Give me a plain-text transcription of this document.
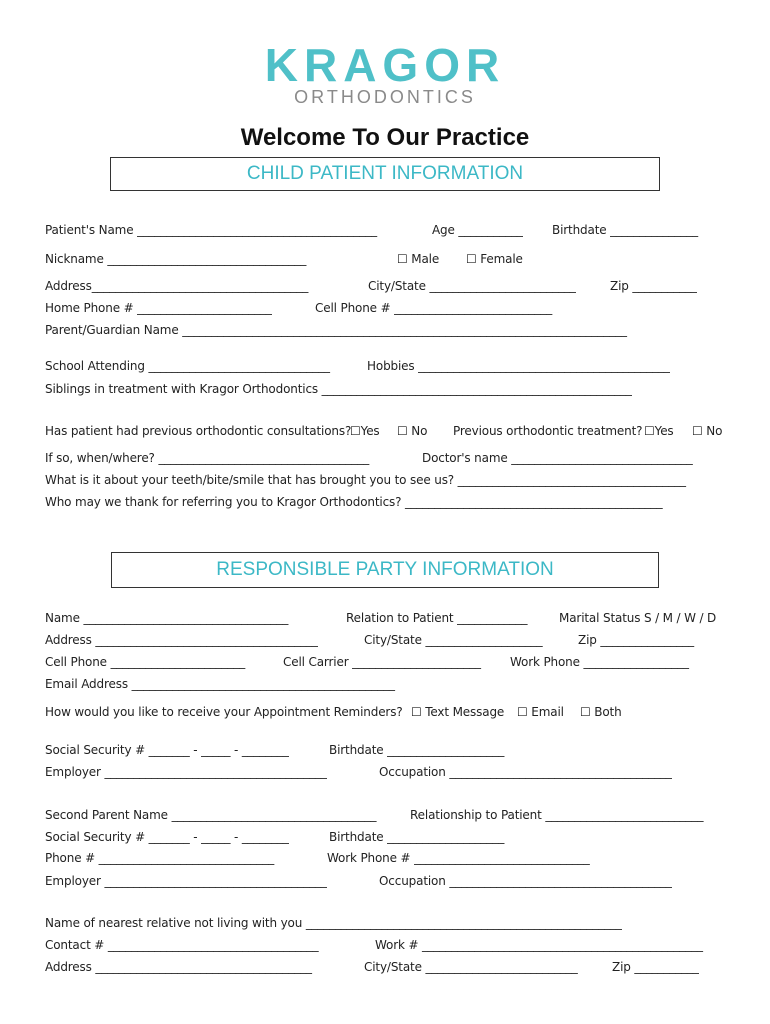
KRAGOR
ORTHODONTICS
Welcome To Our Practice
CHILD PATIENT INFORMATION
Patient's Name _________________________________________	Age ___________ Birthdate _______________
Nickname __________________________________	☐ Male ☐ Female
Address_____________________________________	City/State _________________________	Zip ___________
Home Phone # _______________________	Cell Phone # ___________________________
Parent/Guardian Name ____________________________________________________________________________
School Attending _______________________________	Hobbies ___________________________________________
Siblings in treatment with Kragor Orthodontics _____________________________________________________
Has patient had previous orthodontic consultations?
☐Yes ☐ No Previous orthodontic treatment? ☐Yes ☐ No
If so, when/where? ____________________________________	Doctor's name _______________________________
What is it about your teeth/bite/smile that has brought you to see us? _______________________________________
Who may we thank for referring you to Kragor Orthodontics? ____________________________________________
RESPONSIBLE PARTY INFORMATION
Name ___________________________________	Relation to Patient ____________	Marital Status S / M / W / D
Address ______________________________________	City/State ____________________	Zip ________________
Cell Phone _______________________	Cell Carrier ______________________ Work Phone __________________
Email Address _____________________________________________
How would you like to receive your Appointment Reminders? ☐ Text Message ☐ Email ☐ Both
Social Security # _______ - _____ - ________	Birthdate ____________________
Employer ______________________________________	Occupation ______________________________________
Second Parent Name ___________________________________	Relationship to Patient ___________________________
Social Security # _______ - _____ - ________	Birthdate ____________________
Phone # ______________________________	Work Phone # ______________________________
Employer ______________________________________	Occupation ______________________________________
Name of nearest relative not living with you ______________________________________________________
Contact # ____________________________________	Work # ________________________________________________
Address _____________________________________	City/State __________________________	Zip ___________
